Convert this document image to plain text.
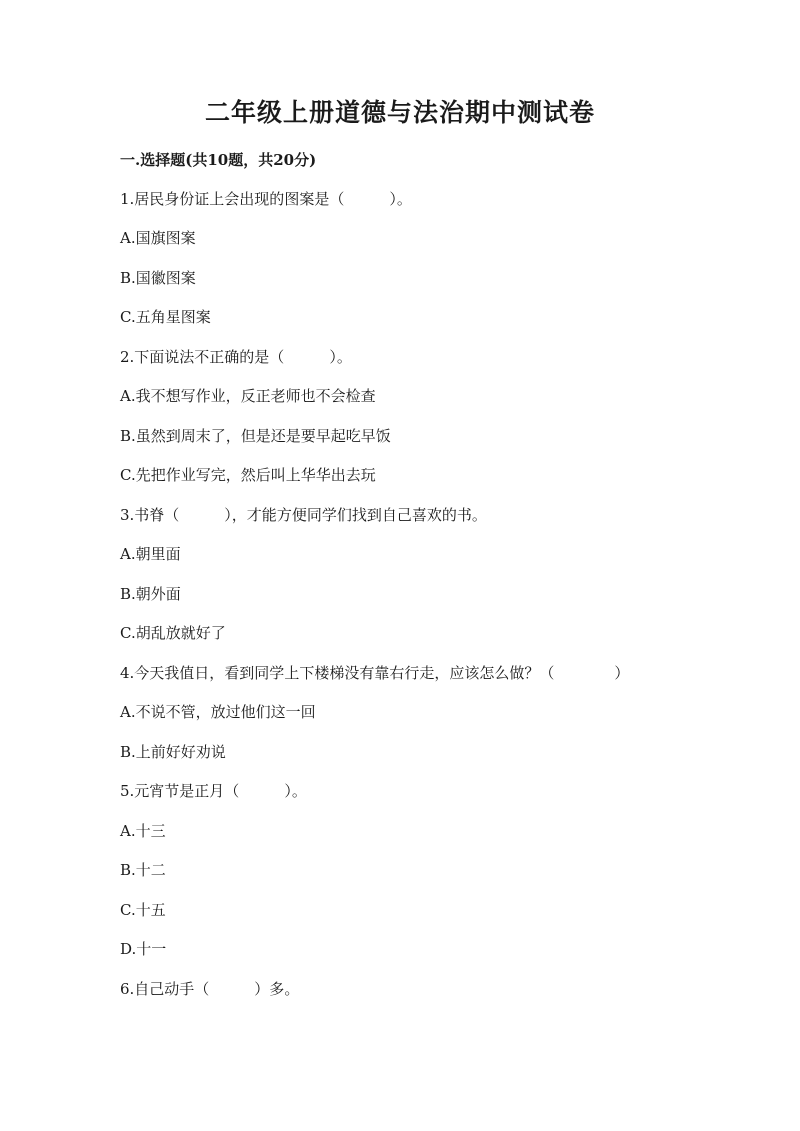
二年级上册道德与法治期中测试卷
一.选择题(共10题，共20分)
1.居民身份证上会出现的图案是（　　　）。
A.国旗图案
B.国徽图案
C.五角星图案
2.下面说法不正确的是（　　　）。
A.我不想写作业，反正老师也不会检查
B.虽然到周末了，但是还是要早起吃早饭
C.先把作业写完，然后叫上华华出去玩
3.书脊（　　　），才能方便同学们找到自己喜欢的书。
A.朝里面
B.朝外面
C.胡乱放就好了
4.今天我值日，看到同学上下楼梯没有靠右行走，应该怎么做？（　　　　）
A.不说不管，放过他们这一回
B.上前好好劝说
5.元宵节是正月（　　　）。
A.十三
B.十二
C.十五
D.十一
6.自己动手（　　　）多。
